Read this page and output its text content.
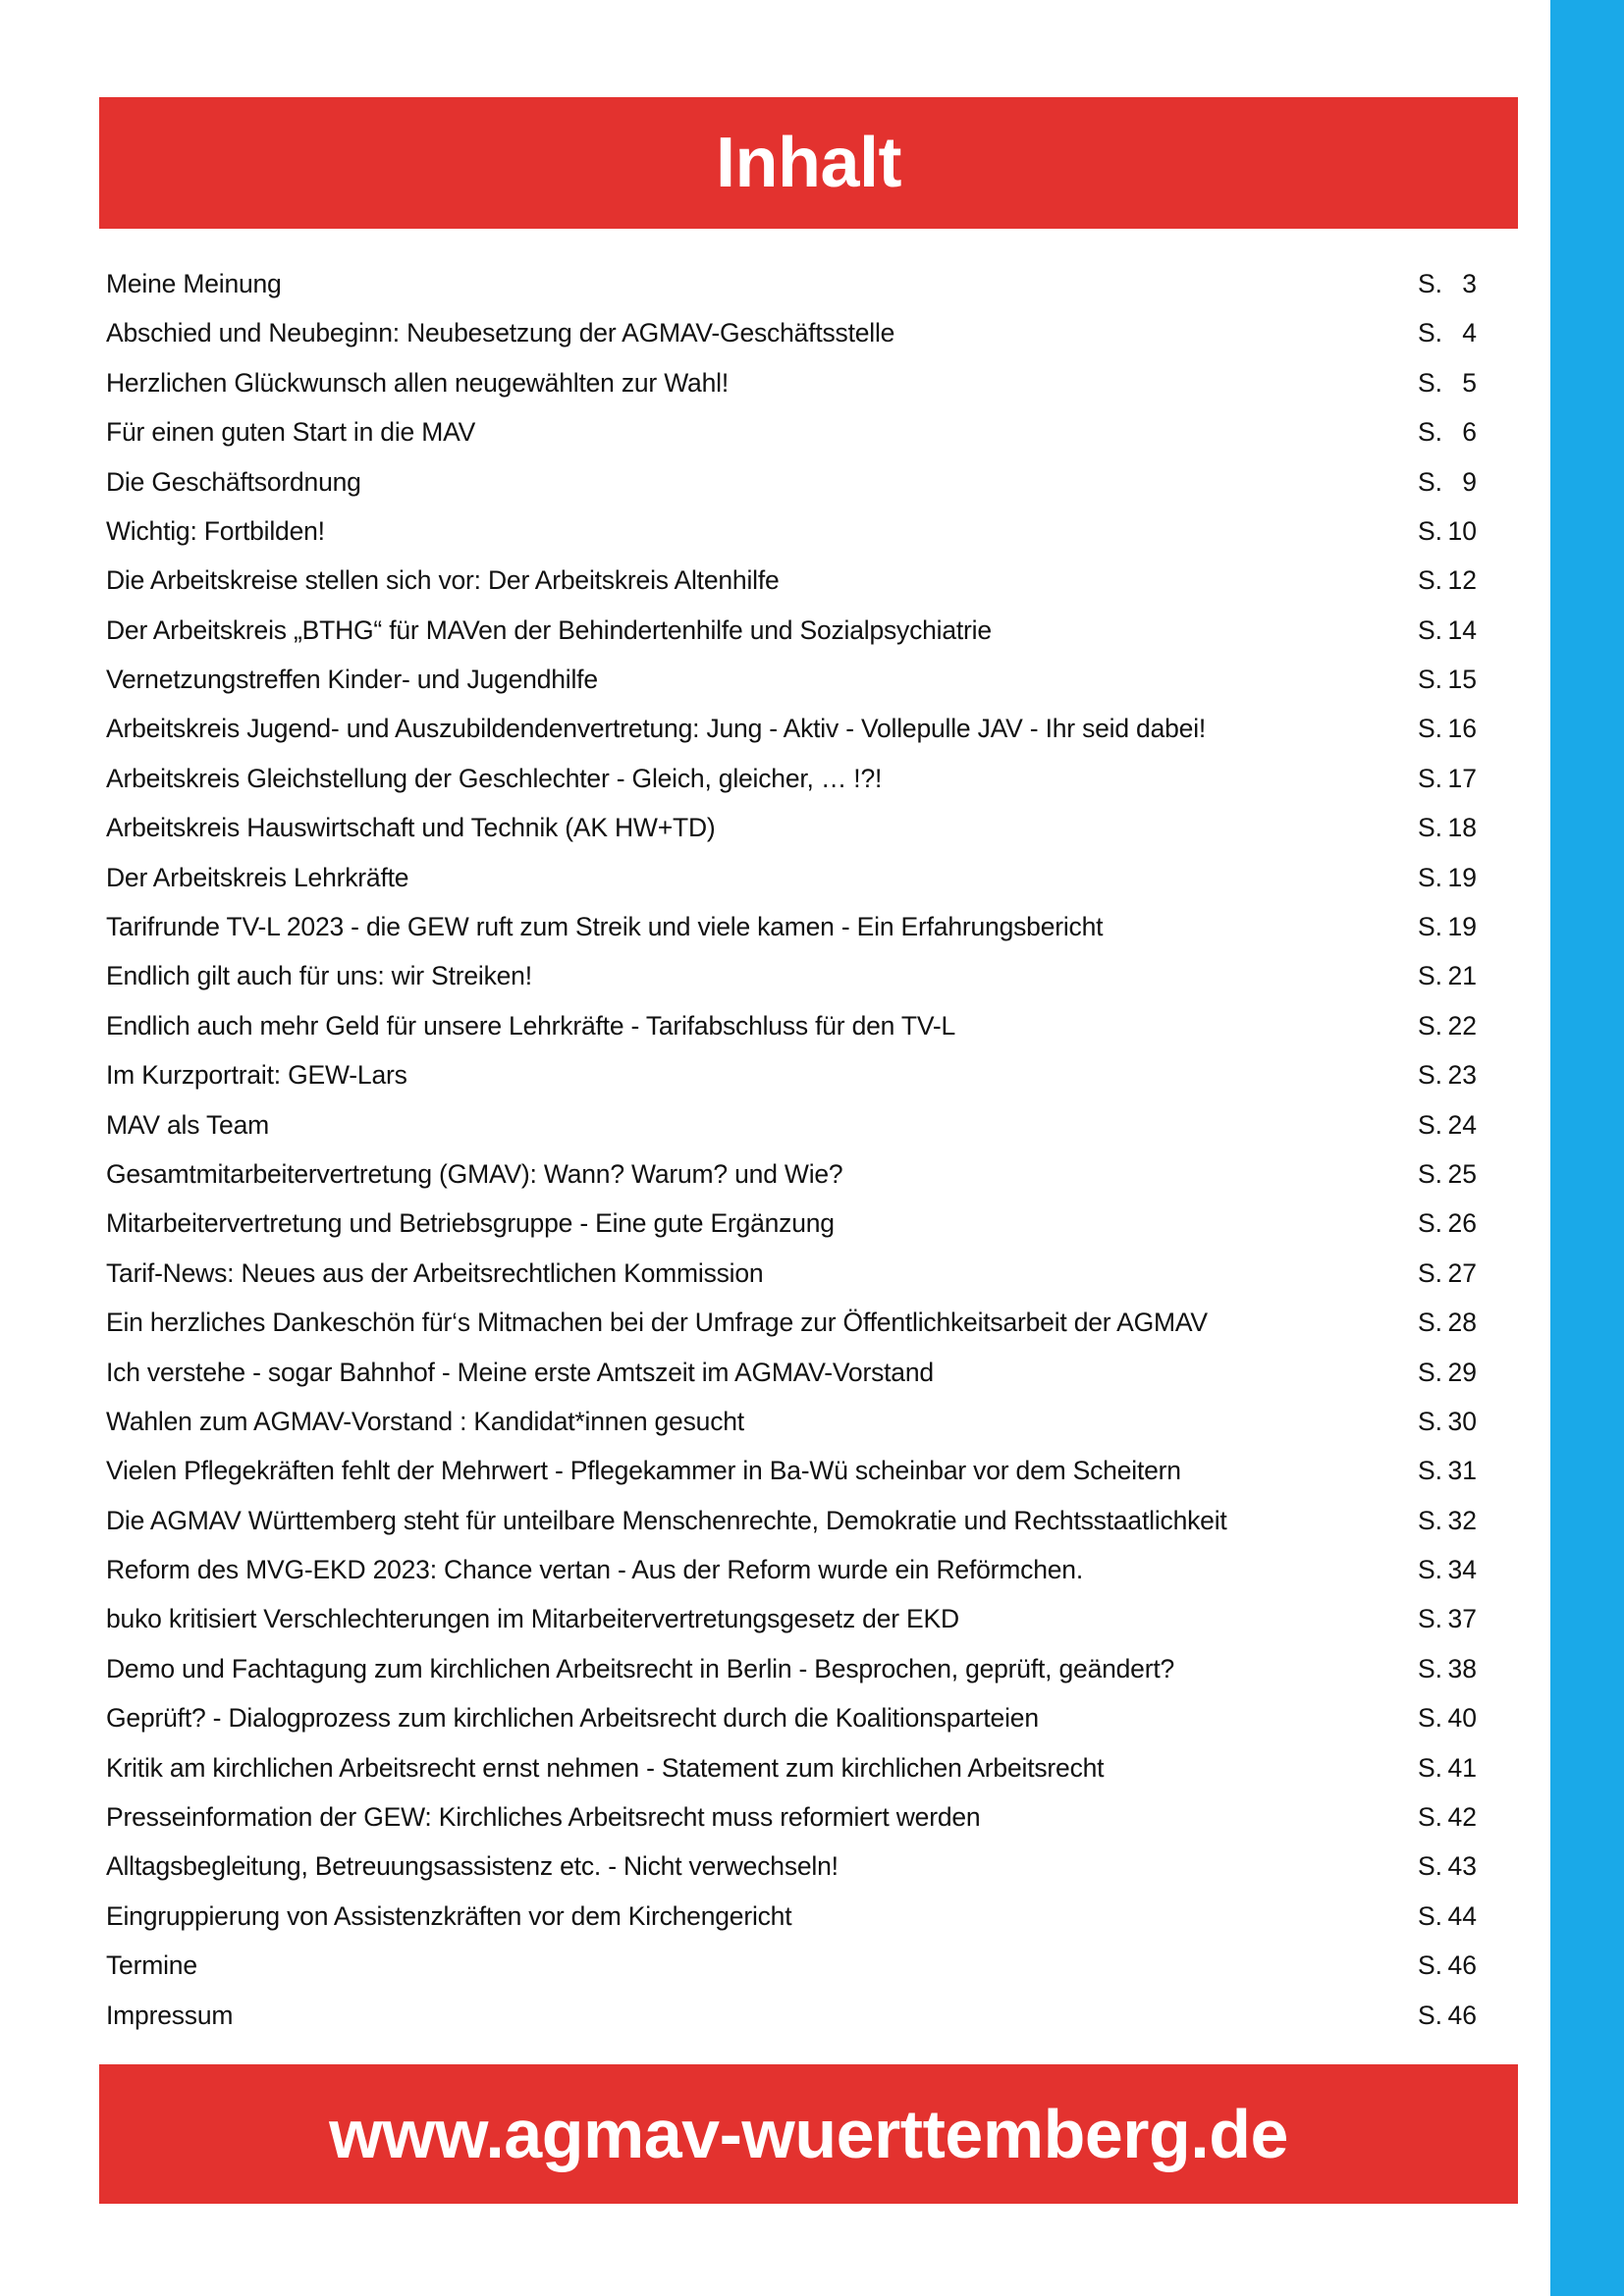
Inhalt
Meine Meinung	S. 3
Abschied und Neubeginn: Neubesetzung der AGMAV-Geschäftsstelle	S. 4
Herzlichen Glückwunsch allen neugewählten zur Wahl!	S. 5
Für einen guten Start in die MAV	S. 6
Die Geschäftsordnung	S. 9
Wichtig: Fortbilden!	S. 10
Die Arbeitskreise stellen sich vor: Der Arbeitskreis Altenhilfe	S. 12
Der Arbeitskreis „BTHG“ für MAVen der Behindertenhilfe und Sozialpsychiatrie	S. 14
Vernetzungstreffen Kinder- und Jugendhilfe	S. 15
Arbeitskreis Jugend- und Auszubildendenvertretung: Jung - Aktiv - Vollepulle JAV - Ihr seid dabei!	S. 16
Arbeitskreis Gleichstellung der Geschlechter - Gleich, gleicher, … !?!	S. 17
Arbeitskreis Hauswirtschaft und Technik (AK HW+TD)	S. 18
Der Arbeitskreis Lehrkräfte	S. 19
Tarifrunde TV-L 2023 - die GEW ruft zum Streik und viele kamen - Ein Erfahrungsbericht	S. 19
Endlich gilt auch für uns: wir Streiken!	S. 21
Endlich auch mehr Geld für unsere Lehrkräfte - Tarifabschluss für den TV-L	S. 22
Im Kurzportrait: GEW-Lars	S. 23
MAV als Team	S. 24
Gesamtmitarbeitervertretung (GMAV): Wann? Warum? und Wie?	S. 25
Mitarbeitervertretung und Betriebsgruppe - Eine gute Ergänzung	S. 26
Tarif-News: Neues aus der Arbeitsrechtlichen Kommission	S. 27
Ein herzliches Dankeschön für‘s Mitmachen bei der Umfrage zur Öffentlichkeitsarbeit der AGMAV	S. 28
Ich verstehe - sogar Bahnhof - Meine erste Amtszeit im AGMAV-Vorstand	S. 29
Wahlen zum AGMAV-Vorstand : Kandidat*innen gesucht	S. 30
Vielen Pflegekräften fehlt der Mehrwert - Pflegekammer in Ba-Wü scheinbar vor dem Scheitern	S. 31
Die AGMAV Württemberg steht für unteilbare Menschenrechte, Demokratie und Rechtsstaatlichkeit	S. 32
Reform des MVG-EKD 2023: Chance vertan - Aus der Reform wurde ein Reförmchen.	S. 34
buko kritisiert Verschlechterungen im Mitarbeitervertretungsgesetz der EKD	S. 37
Demo und Fachtagung zum kirchlichen Arbeitsrecht in Berlin - Besprochen, geprüft, geändert?	S. 38
Geprüft? - Dialogprozess zum kirchlichen Arbeitsrecht durch die Koalitionsparteien	S. 40
Kritik am kirchlichen Arbeitsrecht ernst nehmen - Statement zum kirchlichen Arbeitsrecht	S. 41
Presseinformation der GEW: Kirchliches Arbeitsrecht muss reformiert werden	S. 42
Alltagsbegleitung, Betreuungsassistenz etc. - Nicht verwechseln!	S. 43
Eingruppierung von Assistenzkräften vor dem Kirchengericht	S. 44
Termine	S. 46
Impressum	S. 46
www.agmav-wuerttemberg.de
